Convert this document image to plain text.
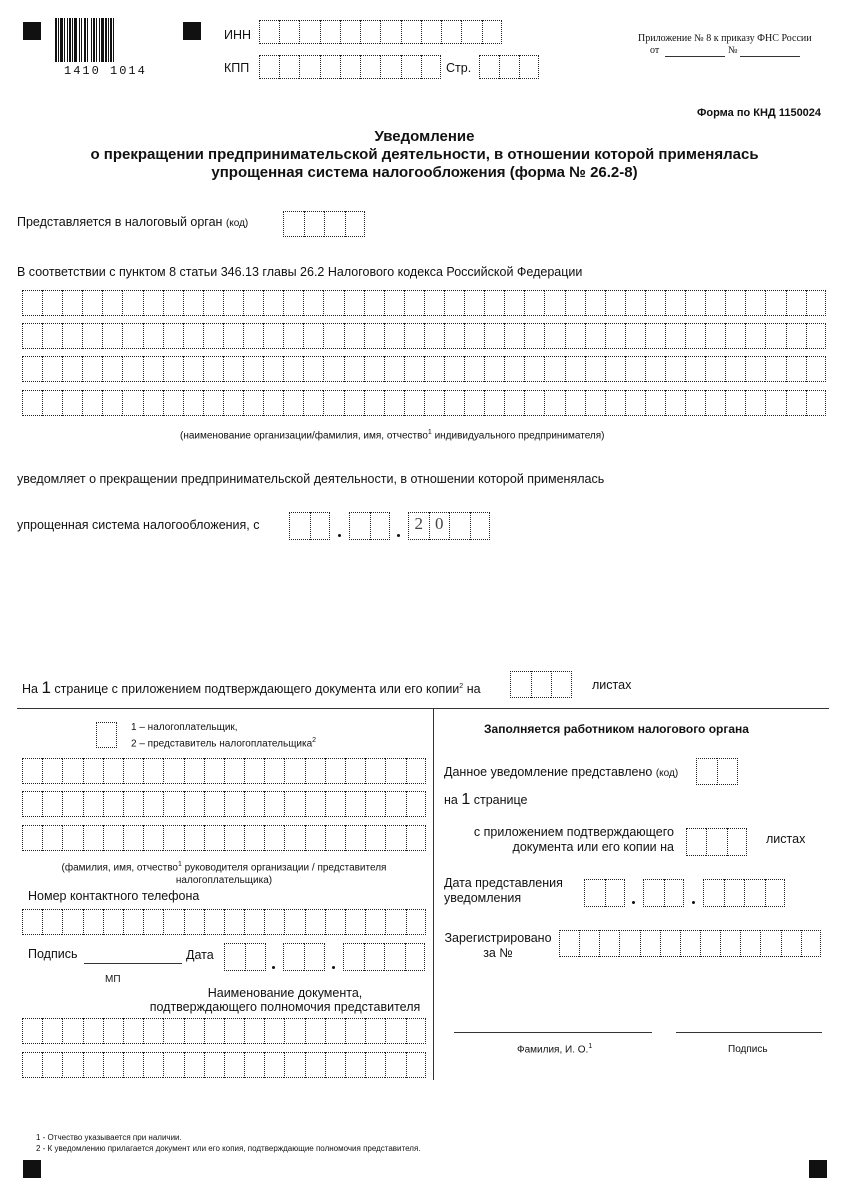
1410 1014
ИНН
КПП	Стр.
Приложение № 8 к приказу ФНС России
от	№
Форма по КНД 1150024
Уведомление
о прекращении предпринимательской деятельности, в отношении которой применялась
упрощенная система налогообложения (форма № 26.2-8)
Представляется в налоговый орган (код)
В соответствии с пунктом 8 статьи 346.13 главы 26.2 Налогового кодекса Российской Федерации
(наименование организации/фамилия, имя, отчество$^1$ индивидуального предпринимателя)
уведомляет о прекращении предпринимательской деятельности, в отношении которой применялась
упрощенная система налогообложения, с	2 0
На 1 странице с приложением подтверждающего документа или его копии$^2$ на	листах
1 – налогоплательщик,
2 – представитель налогоплательщика$^2$
(фамилия, имя, отчество$^1$ руководителя организации / представителя
налогоплательщика)
Номер контактного телефона
Подпись	Дата
МП
Наименование документа,
подтверждающего полномочия представителя
Заполняется работником налогового органа
Данное уведомление представлено (код)
на 1 странице
с приложением подтверждающего
документа или его копии на
листах
Дата представления
уведомления
Зарегистрировано
за №
Фамилия, И. О.$^1$	Подпись
1 - Отчество указывается при наличии.
2 - К уведомлению прилагается документ или его копия, подтверждающие полномочия представителя.
